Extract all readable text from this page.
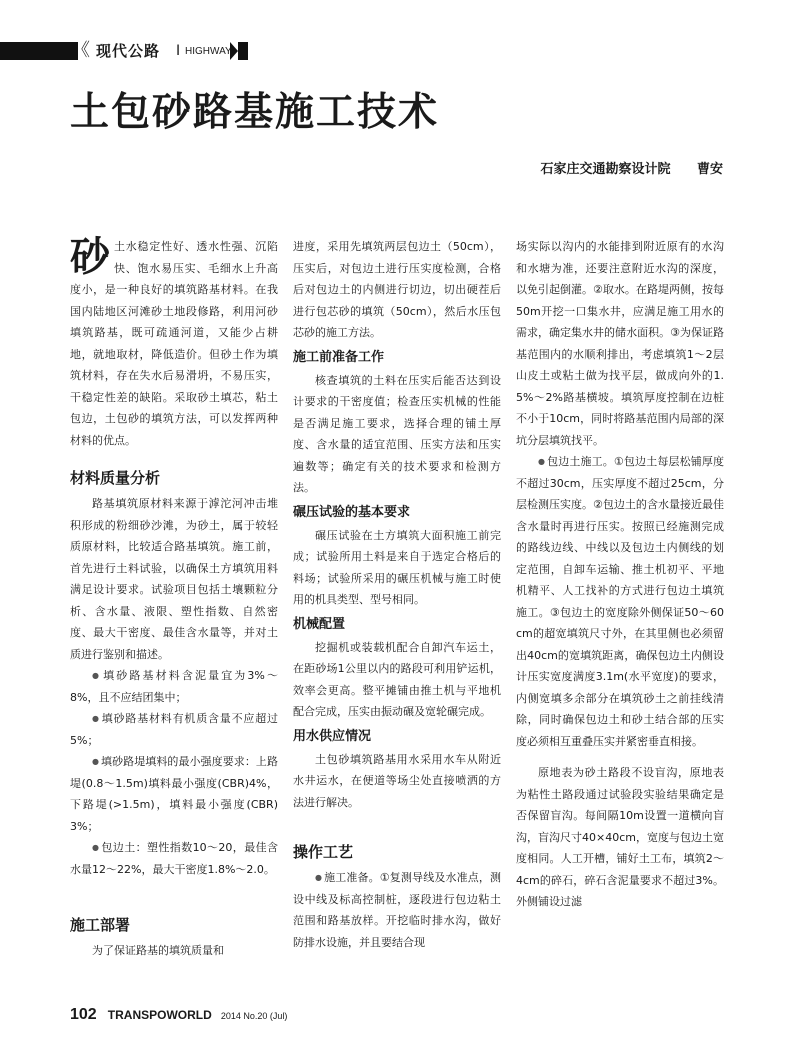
《 现代公路 I HIGHWAY
土包砂路基施工技术
石家庄交通勘察设计院 曹安

砂土水稳定性好、透水性强、沉陷快、饱水易压实、毛细水上升高度小，是一种良好的填筑路基材料。在我国内陆地区河滩砂土地段修路，利用河砂填筑路基，既可疏通河道，又能少占耕地，就地取材，降低造价。但砂土作为填筑材料，存在失水后易滑坍，不易压实，干稳定性差的缺陷。采取砂土填芯，粘土包边，土包砂的填筑方法，可以发挥两种材料的优点。

材料质量分析

路基填筑原材料来源于滹沱河冲击堆积形成的粉细砂沙滩，为砂土，属于较轻质原材料，比较适合路基填筑。施工前，首先进行土料试验，以确保土方填筑用料满足设计要求。试验项目包括土壤颗粒分析、含水量、液限、塑性指数、自然密度、最大干密度、最佳含水量等，并对土质进行鉴别和描述。

● 填砂路基材料含泥量宜为3%～8%，且不应结团集中；

● 填砂路基材料有机质含量不应超过5%；

● 填砂路堤填料的最小强度要求：上路堤(0.8～1.5m)填料最小强度(CBR)4%，下路堤(>1.5m)，填料最小强度(CBR)3%；

● 包边土：塑性指数10～20，最佳含水量12～22%，最大干密度1.8%～2.0。

施工部署

为了保证路基的填筑质量和

进度，采用先填筑两层包边土（50cm），压实后，对包边土进行压实度检测，合格后对包边土的内侧进行切边，切出硬茬后进行包芯砂的填筑（50cm），然后水压包芯砂的施工方法。

施工前准备工作

核查填筑的土料在压实后能否达到设计要求的干密度值；检查压实机械的性能是否满足施工要求，选择合理的铺土厚度、含水量的适宜范围、压实方法和压实遍数等；确定有关的技术要求和检测方法。

碾压试验的基本要求

碾压试验在土方填筑大面积施工前完成；试验所用土料是来自于选定合格后的料场；试验所采用的碾压机械与施工时使用的机具类型、型号相同。

机械配置

挖掘机或装载机配合自卸汽车运土，在距砂场1公里以内的路段可利用铲运机，效率会更高。整平摊铺由推土机与平地机配合完成，压实由振动碾及宽轮碾完成。

用水供应情况

土包砂填筑路基用水采用水车从附近水井运水，在便道等场尘处直接喷洒的方法进行解决。

操作工艺

● 施工准备。①复测导线及水准点，测设中线及标高控制桩，逐段进行包边粘土范围和路基放样。开挖临时排水沟，做好防排水设施，并且要结合现

场实际以沟内的水能排到附近原有的水沟和水塘为准，还要注意附近水沟的深度，以免引起倒灌。②取水。在路堤两侧，按每50m开挖一口集水井，应满足施工用水的需求，确定集水井的储水面积。③为保证路基范围内的水顺利排出，考虑填筑1～2层山皮土或粘土做为找平层，做成向外的1.5%～2%路基横坡。填筑厚度控制在边桩不小于10cm，同时将路基范围内局部的深坑分层填筑找平。

● 包边土施工。①包边土每层松铺厚度不超过30cm，压实厚度不超过25cm，分层检测压实度。②包边土的含水量接近最佳含水量时再进行压实。按照已经施测完成的路线边线、中线以及包边土内侧线的划定范围，自卸车运输、推土机初平、平地机精平、人工找补的方式进行包边土填筑施工。③包边土的宽度除外侧保证50～60cm的超宽填筑尺寸外，在其里侧也必须留出40cm的宽填筑距离，确保包边土内侧设计压实宽度满度3.1m(水平宽度)的要求，内侧宽填多余部分在填筑砂土之前挂线清除，同时确保包边土和砂土结合部的压实度必须相互重叠压实并紧密垂直相接。

原地表为砂土路段不设盲沟，原地表为粘性土路段通过试验段实验结果确定是否保留盲沟。每间隔10m设置一道横向盲沟，盲沟尺寸40×40cm，宽度与包边土宽度相同。人工开槽，铺好土工布，填筑2～4cm的碎石，碎石含泥量要求不超过3%。外侧铺设过滤

102 TRANSPOWORLD 2014 No.20 (Jul)
